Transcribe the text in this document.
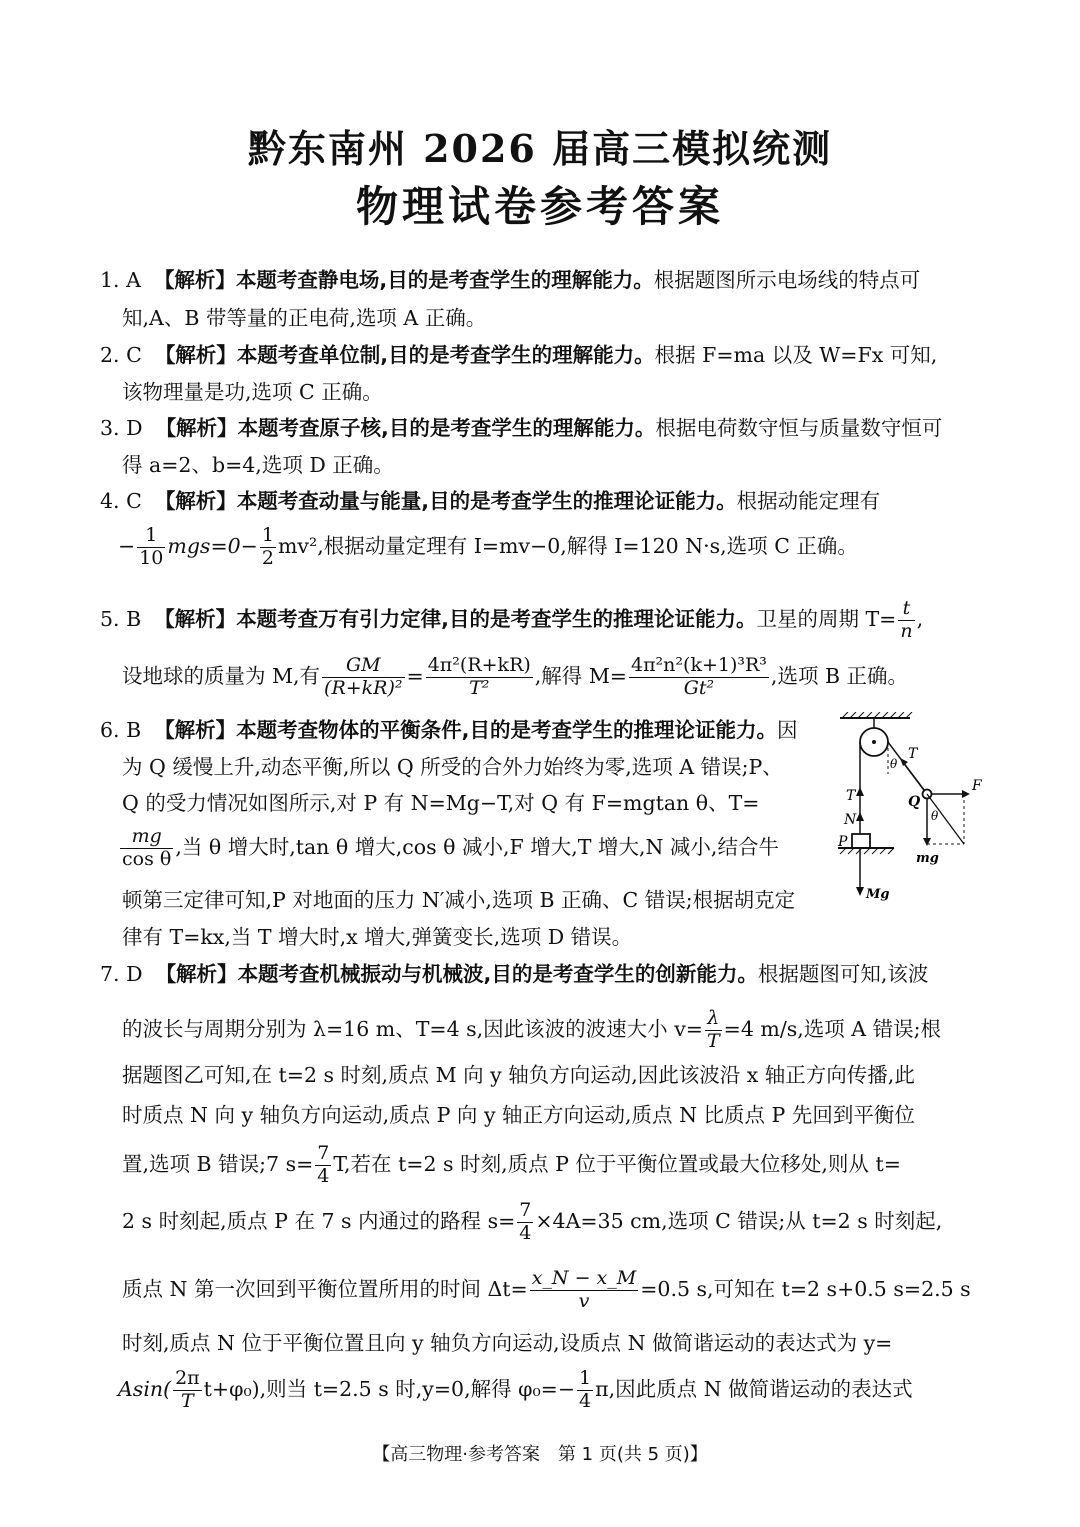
黔东南州 2026 届高三模拟统测
物理试卷参考答案
1. A 【解析】本题考查静电场,目的是考查学生的理解能力。根据题图所示电场线的特点可
知,A、B 带等量的正电荷,选项 A 正确。
2. C 【解析】本题考查单位制,目的是考查学生的理解能力。根据 F=ma 以及 W=Fx 可知,
该物理量是功,选项 C 正确。
3. D 【解析】本题考查原子核,目的是考查学生的理解能力。根据电荷数守恒与质量数守恒可
得 a=2、b=4,选项 D 正确。
4. C 【解析】本题考查动量与能量,目的是考查学生的推理论证能力。根据动能定理有
− $\frac{1}{10} mgs=0- \frac{1}{2} mv^2$,根据动量定理有 I=mv−0,解得 I=120 N·s,选项 C 正确。
5. B 【解析】本题考查万有引力定律,目的是考查学生的推理论证能力。卫星的周期 $T= \frac{t}{n}$ ,
设地球的质量为 M,有 $\frac{GM}{\text{(R+kR)²}} = \frac{\text{4π²(R+kR)}}{\text{T²}}$ ,解得 $M= \frac{\text{4π²n²(k+1)³R³}}{\text{Gt²}}$ ,选项 B 正确。
6. B 【解析】本题考查物体的平衡条件,目的是考查学生的推理论证能力。因
为 Q 缓慢上升,动态平衡,所以 Q 所受的合外力始终为零,选项 A 错误;P、
Q 的受力情况如图所示,对 P 有 N=Mg−T,对 Q 有 F=mgtan θ、T=
$\frac{mg}{\text{cos θ}}$ ,当 θ 增大时,tan θ 增大,cos θ 减小,F 增大,T 增大,N 减小,结合牛
顿第三定律可知,P 对地面的压力 N′减小,选项 B 正确、C 错误;根据胡克定
律有 T=kx,当 T 增大时,x 增大,弹簧变长,选项 D 错误。
T
θ
F
Q
θ
T
N
P
mg
Mg
7. D 【解析】本题考查机械振动与机械波,目的是考查学生的创新能力。根据题图可知,该波
的波长与周期分别为 λ=16 m、T=4 s,因此该波的波速大小 $v= \frac{\lambda}{T} =4$ m/s,选项 A 错误;根
据题图乙可知,在 t=2 s 时刻,质点 M 向 y 轴负方向运动,因此该波沿 x 轴正方向传播,此
时质点 N 向 y 轴负方向运动,质点 P 向 y 轴正方向运动,质点 N 比质点 P 先回到平衡位
置,选项 B 错误;7 $s= \frac{7}{4} T$,若在 t=2 s 时刻,质点 P 位于平衡位置或最大位移处,则从 t=
2 s 时刻起,质点 P 在 7 s 内通过的路程 $s= \frac{7}{4} \times 4A=35$ cm,选项 C 错误;从 t=2 s 时刻起,
质点 N 第一次回到平衡位置所用的时间 $\Delta t= \frac{x\_N - x\_M}{v} =0.5$ s,可知在 t=2 s+0.5 s=2.5 s
时刻,质点 N 位于平衡位置且向 y 轴负方向运动,设质点 N 做简谐运动的表达式为 y=
$Asin( \frac{2\pi}{T} t+\varphi_0)$,则当 t=2.5 s 时,y=0,解得 $\varphi_0=- \frac{1}{4} \pi$,因此质点 N 做简谐运动的表达式
【高三物理·参考答案　第 1 页(共 5 页)】
